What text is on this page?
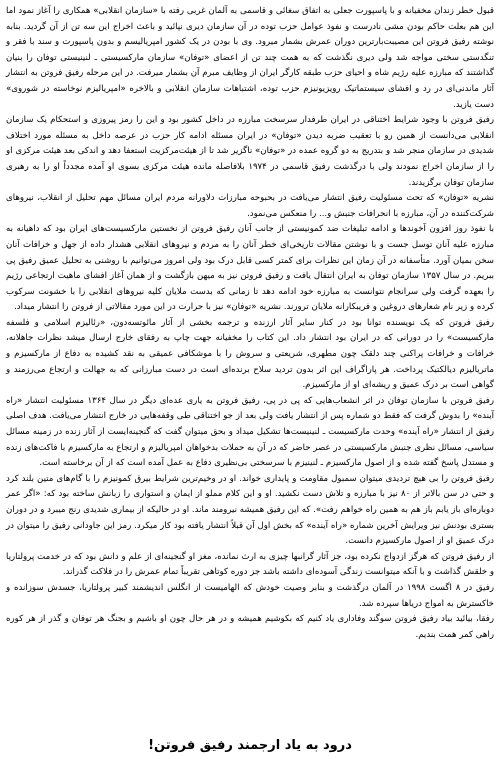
قبول خطر زندان مخفیانه و با پاسپورت جعلی به اتفاق سغائی و قاسمی به آلمان غربی رفته با «سازمان انقلابی» همکاری را آغاز نمود اما این هم بعلت حاکم بودن مشی نادرست و نفوذ عوامل حزب توده در آن سازمان دیری نپائید و باعث اخراج این سه تن از آن گردید. بنابه نوشته رفیق فروتن این مصیبت‌بارترین دوران عمرش بشمار میرود. وی با بودن در یک کشور امپریالیسم و بدون پاسپورت و سند با فقر و تنگدستی سختی مواجه شد ولی دیری نگذشت که به همت چند تن از اعضای «توفان» سازمان مارکسیستی ـ لنینیستی توفان را بنیان گذاشتند که مبارزه علیه رژیم شاه و احیای حزب طبقه کارگر ایران از وظایف مبرم آن بشمار میرفت. در این مرحله رفیق فروتن به انتشار آثار ماندنی‌ای در رد و افشای سیستماتیک رویزیونیزم حزب توده، اشتباهات سازمان انقلابی و بالاخره «امپریالیزم نوخاسته در شوروی» دست یازید.

رفیق فروتن با وجود شرایط اختناقی در ایران طرفدار سرسخت مبارزه در داخل کشور بود و این را رمز پیروزی و استحکام یک سازمان انقلابی می‌دانست از همین رو با تعقیب ضربه دیدن «توفان» در ایران مسئله ادامه کار حزب در عرصه داخل به مسئله مورد اختلاف شدیدی در سازمان منجر شد و بتدریج به دو گروه عمده در «توفان» ناگزیر شد تا از هیئت‌مرکزیت استعفا دهد و اندکی بعد هیئت مرکزی او را از سازمان اخراج نمودند ولی با درگذشت رفیق قاسمی در ۱۹۷۴ بلافاصله مانده هیئت مرکزی بسوی او آمده مجدداً او را به رهبری سازمان توفان برگزیدند.

نشریه «توفان» که تحت مسئولیت رفیق انتشار می‌یافت در بحبوحه مبارزات دلاورانه مردم ایران مسائل مهم تحلیل از انقلاب، نیروهای شرکت‌کننده در آن، مبارزه با انحرافات جنبش و... را منعکس می‌نمود.

با نفوذ روز افزون آخوندها و ادامه تبلیغات ضد کمونیستی از جانب آنان رفیق فروتن از نخستین مارکسیست‌های ایران بود که داهیانه به مبارزه علیه آنان توسل جست و با نوشتن مقالات تاریخی‌ای خطر آنان را به مردم و نیروهای انقلابی هشدار داده از جهل و خرافات آنان سخن بمیان آورد. متأسفانه در آن زمان این نظرات برای کمتر کسی قابل درک بود ولی امروز می‌توانیم با روشنی به تحلیل عمیق رفیق پی ببریم. در سال ۱۳۵۷ سازمان توفان به ایران انتقال یافت و رفیق فروتن نیز به میهن بازگشت و از همان آغاز افشای ماهیت ارتجاعی رژیم را بعهده گرفت ولی سرانجام نتوانست به مبارزه خود ادامه دهد تا زمانی که بدست ملایان کلیه نیروهای انقلابی را با خشونت سرکوب کرده و زیر نام شعارهای دروغین و فریبکارانه ملایان ترورند. نشریه «توفان» نیز با حرارت در این مورد مقالاتی از فروتن را انتشار میداد.

رفیق فروتن که یک نویسنده توانا بود در کنار سایر آثار ارزنده و ترجمه بخشی از آثار مائوتسه‌دون، «رئالیزم اسلامی و فلسفه مارکسیست» را در دورانی که در ایران بود انتشار داد. این کتاب را مخفیانه جهت چاپ به رفقای خارج ارسال میشد نظرات جاهلانه، خرافات و خرافات پراکنی چند دلقک چون مطهری، شریعتی و سروش را با موشکافی عمیقی به نقد کشیده به دفاع از مارکسیزم و ماتریالیزم دیالکتیک پرداخت. هر پاراگراف این اثر بدون تردید سلاح برنده‌ای است در دست مبارزانی که به جهالت و ارتجاع می‌رزمند و گواهی است بر درک عمیق و ریشه‌ای او از مارکسیزم.

رفیق فروتن با سازمان توفان در اثر انشعاب‌هایی که پی در پی، رفیق فروتن به یاری عده‌ای دیگر در سال ۱۳۶۴ مسئولیت انتشار «راه آینده» را بدوش گرفت که فقط دو شماره پس از انتشار یافت ولی بعد از جو اختناقی طی وقفه‌هایی در خارج انتشار می‌یافت. هدف اصلی رفیق از انتشار «راه آینده» وحدت مارکسیست ـ لنینیست‌ها تشکیل میداد و بحق میتوان گفت که گنجینه‌ایست از آثار زنده در زمینه مسائل سیاسی، مسائل نظری جنبش مارکسیستی در عصر حاضر که در آن به حملات بدخواهان امپریالیزم و ارتجاع به مارکسیزم با فاکت‌های زنده و مستدل پاسخ گفته شده و از اصول مارکسیزم ـ لنینیزم با سرسختی بی‌نظیری دفاع به عمل آمده است که از آن برخاسته است.

رفیق فروتن را بی هیچ تردیدی میتوان سمبول مقاومت و پایداری خواند. او در وخیم‌ترین شرایط بیرق کمونیزم را با گام‌های متین بلند کرد و حتی در سن بالاتر از ۸۰ نیز با مبارزه و تلاش دست نکشید. او و این کلام مملو از ایمان و استواری را زبانش ساخته بود که: «اگر عمر دوباره‌ای باز یابم باز هم به همین راه خواهم رفت». که این رفیق همیشه نیرومند ماند. او در حالیکه از بیماری شدیدی رنج میبرد و در دوران بستری بودنش نیز ویرایش آخرین شماره «راه آینده» که بخش اول آن قبلاً انتشار یافته بود کار میکرد. رمز این جاودانی رفیق را میتوان در درک عمیق او از اصول مارکسیزم دانست.

از رفیق فروتن که هرگز ازدواج نکرده بود، جز آثار گرانبها چیزی به ارث نمانده، مغز او گنجینه‌ای از علم و دانش بود که در خدمت پرولتاریا و خلقش گذاشت و با آنکه میتوانست زندگی آسوده‌ای داشته باشد جز دوره کوتاهی تقریباً تمام عمرش را در فلاکت گذراند.

رفیق در ۸ اگست ۱۹۹۸ در آلمان درگذشت و بنابر وصیت خودش که الهامیست از انگلس اندیشمند کبیر پرولتاریا، جسدش سوزانده و خاکسترش به امواج دریاها سپرده شد.

رفقا، بیائید بیاد رفیق فروتن سوگند وفاداری یاد کنیم که بکوشیم همیشه و در هر حال چون او باشیم و بجنگ هر توفان و گذر از هر کوره راهی کمر همت بندیم.

درود به یاد ارجمند رفیق فروتن!
